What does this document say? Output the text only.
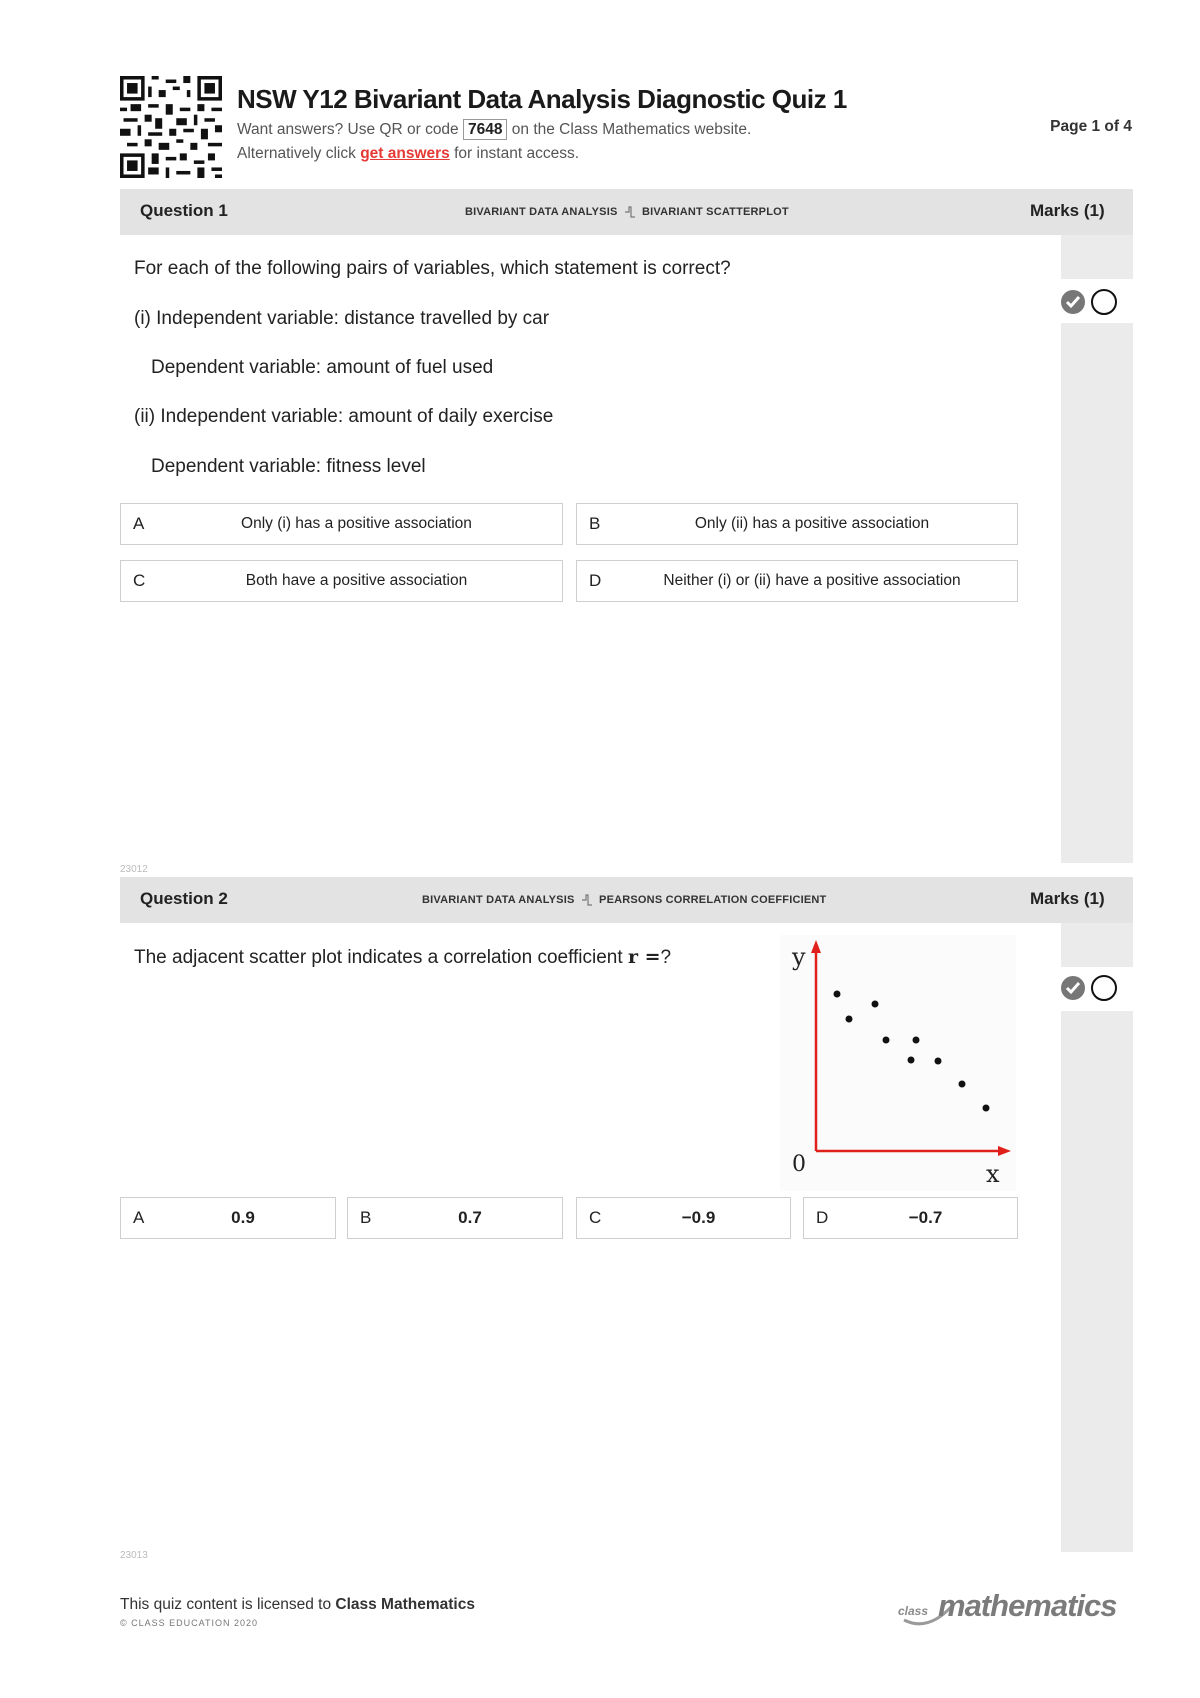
NSW Y12 Bivariant Data Analysis Diagnostic Quiz 1
Want answers? Use QR or code 7648 on the Class Mathematics website.
Alternatively click get answers for instant access.
Page 1 of 4
Question 1	BIVARIANT DATA ANALYSIS BIVARIANT SCATTERPLOT	Marks (1)
For each of the following pairs of variables, which statement is correct?
(i) Independent variable: distance travelled by car
Dependent variable: amount of fuel used
(ii) Independent variable: amount of daily exercise
Dependent variable: fitness level
A	Only (i) has a positive association	B	Only (ii) has a positive association
C	Both have a positive association	D	Neither (i) or (ii) have a positive association
23012
Question 2	BIVARIANT DATA ANALYSIS PEARSONS CORRELATION COEFFICIENT	Marks (1)
The adjacent scatter plot indicates a correlation coefficient r =?	y
0	x
A	0.9	B	0.7	C	−0.9	D	−0.7
23013
This quiz content is licensed to Class Mathematics
© CLASS EDUCATION 2020
class mathematics
